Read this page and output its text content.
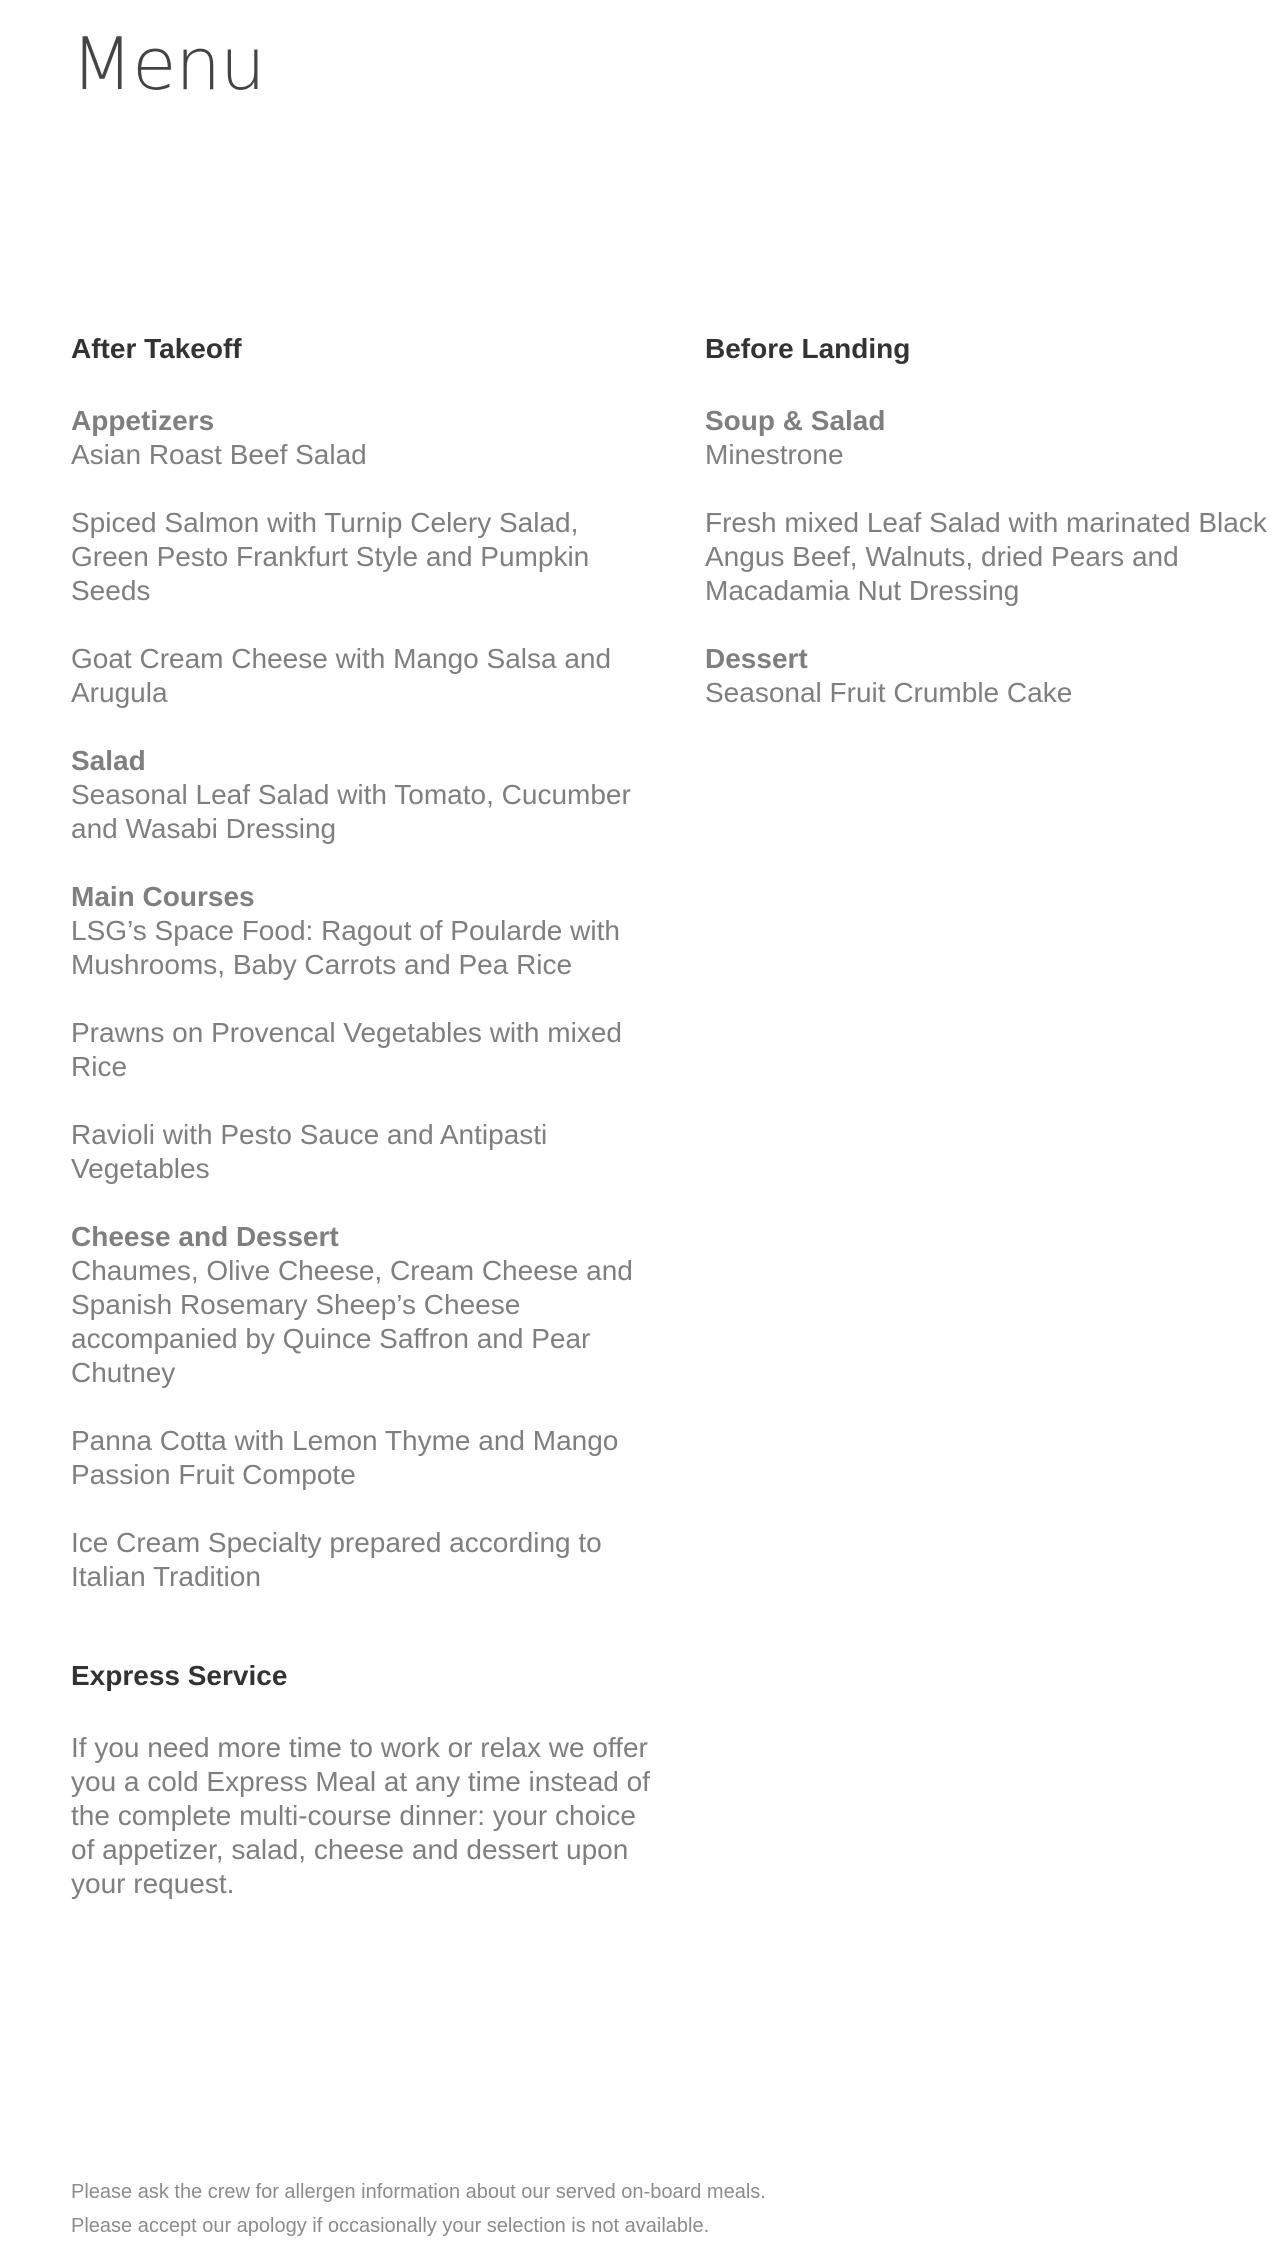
Menu
After Takeoff

Appetizers

Asian Roast Beef Salad

Spiced Salmon with Turnip Celery Salad, Green Pesto Frankfurt Style and Pumpkin Seeds

Goat Cream Cheese with Mango Salsa and Arugula

Salad

Seasonal Leaf Salad with Tomato, Cucumber and Wasabi Dressing

Main Courses

LSG’s Space Food: Ragout of Poularde with Mushrooms, Baby Carrots and Pea Rice

Prawns on Provencal Vegetables with mixed Rice

Ravioli with Pesto Sauce and Antipasti Vegetables

Cheese and Dessert

Chaumes, Olive Cheese, Cream Cheese and Spanish Rosemary Sheep’s Cheese accompanied by Quince Saffron and Pear Chutney

Panna Cotta with Lemon Thyme and Mango Passion Fruit Compote

Ice Cream Specialty prepared according to Italian Tradition

Before Landing

Soup & Salad

Minestrone

Fresh mixed Leaf Salad with marinated Black Angus Beef, Walnuts, dried Pears and Macadamia Nut Dressing

Dessert

Seasonal Fruit Crumble Cake

Express Service

If you need more time to work or relax we offer you a cold Express Meal at any time instead of the complete multi-course dinner: your choice of appetizer, salad, cheese and dessert upon your request.

Please ask the crew for allergen information about our served on-board meals.

Please accept our apology if occasionally your selection is not available.
